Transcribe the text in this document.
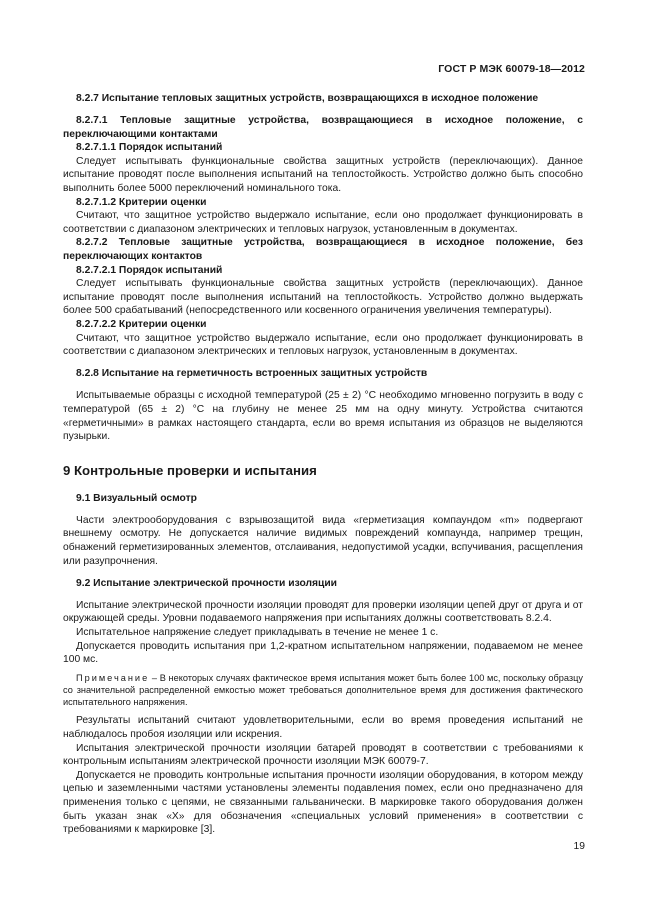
ГОСТ Р МЭК 60079-18—2012

8.2.7 Испытание тепловых защитных устройств, возвращающихся в исходное положение

8.2.7.1 Тепловые защитные устройства, возвращающиеся в исходное положение, с переключающими контактами

8.2.7.1.1 Порядок испытаний

Следует испытывать функциональные свойства защитных устройств (переключающих). Данное испытание проводят после выполнения испытаний на теплостойкость. Устройство должно быть способно выполнить более 5000 переключений номинального тока.

8.2.7.1.2 Критерии оценки

Считают, что защитное устройство выдержало испытание, если оно продолжает функционировать в соответствии с диапазоном электрических и тепловых нагрузок, установленным в документах.

8.2.7.2 Тепловые защитные устройства, возвращающиеся в исходное положение, без переключающих контактов

8.2.7.2.1 Порядок испытаний

Следует испытывать функциональные свойства защитных устройств (переключающих). Данное испытание проводят после выполнения испытаний на теплостойкость. Устройство должно выдержать более 500 срабатываний (непосредственного или косвенного ограничения увеличения температуры).

8.2.7.2.2 Критерии оценки

Считают, что защитное устройство выдержало испытание, если оно продолжает функционировать в соответствии с диапазоном электрических и тепловых нагрузок, установленным в документах.

8.2.8 Испытание на герметичность встроенных защитных устройств

Испытываемые образцы с исходной температурой (25 ± 2) °C необходимо мгновенно погрузить в воду с температурой (65 ± 2) °C на глубину не менее 25 мм на одну минуту. Устройства считаются «герметичными» в рамках настоящего стандарта, если во время испытания из образцов не выделяются пузырьки.

9 Контрольные проверки и испытания

9.1 Визуальный осмотр

Части электрооборудования с взрывозащитой вида «герметизация компаундом «m» подвергают внешнему осмотру. Не допускается наличие видимых повреждений компаунда, например трещин, обнажений герметизированных элементов, отслаивания, недопустимой усадки, вспучивания, расщепления или разупрочнения.

9.2 Испытание электрической прочности изоляции

Испытание электрической прочности изоляции проводят для проверки изоляции цепей друг от друга и от окружающей среды. Уровни подаваемого напряжения при испытаниях должны соответствовать 8.2.4.

Испытательное напряжение следует прикладывать в течение не менее 1 с.

Допускается проводить испытания при 1,2-кратном испытательном напряжении, подаваемом не менее 100 мс.

Примечание – В некоторых случаях фактическое время испытания может быть более 100 мс, поскольку образцу со значительной распределенной емкостью может требоваться дополнительное время для достижения фактического испытательного напряжения.

Результаты испытаний считают удовлетворительными, если во время проведения испытаний не наблюдалось пробоя изоляции или искрения.

Испытания электрической прочности изоляции батарей проводят в соответствии с требованиями к контрольным испытаниям электрической прочности изоляции МЭК 60079-7.

Допускается не проводить контрольные испытания прочности изоляции оборудования, в котором между цепью и заземленными частями установлены элементы подавления помех, если оно предназначено для применения только с цепями, не связанными гальванически. В маркировке такого оборудования должен быть указан знак «X» для обозначения «специальных условий применения» в соответствии с требованиями к маркировке [3].

19
